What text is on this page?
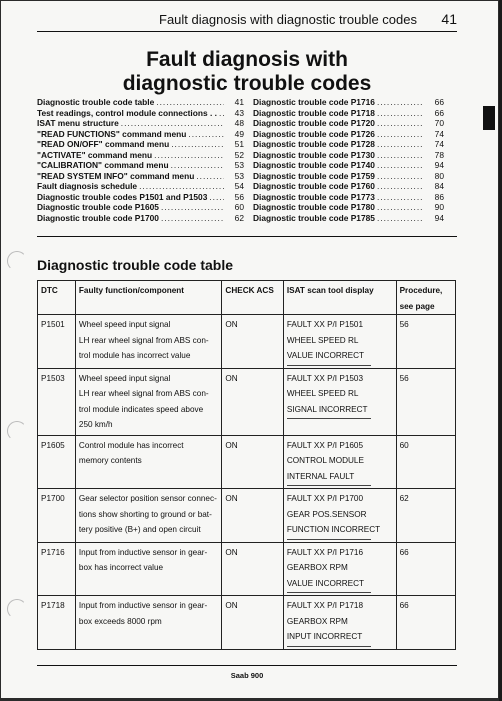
Fault diagnosis with diagnostic trouble codes 41
Fault diagnosis with
diagnostic trouble codes
Diagnostic trouble code table .....	41
Test readings, control module connections . . .....	43
ISAT menu structure .....	48
"READ FUNCTIONS" command menu .....	49
"READ ON/OFF" command menu .....	51
"ACTIVATE" command menu .....	52
"CALIBRATION" command menu .....	53
"READ SYSTEM INFO" command menu .....	53
Fault diagnosis schedule .....	54
Diagnostic trouble codes P1501 and P1503 .....	56
Diagnostic trouble code P1605 .....	60
Diagnostic trouble code P1700 .....	62
Diagnostic trouble code P1716 .....	66
Diagnostic trouble code P1718 .....	66
Diagnostic trouble code P1720 .....	70
Diagnostic trouble code P1726 .....	74
Diagnostic trouble code P1728 .....	74
Diagnostic trouble code P1730 .....	78
Diagnostic trouble code P1740 .....	94
Diagnostic trouble code P1759 .....	80
Diagnostic trouble code P1760 .....	84
Diagnostic trouble code P1773 .....	86
Diagnostic trouble code P1780 .....	90
Diagnostic trouble code P1785 .....	94
Diagnostic trouble code table
DTC	Faulty function/component	CHECK ACS	ISAT scan tool display	Procedure,
see page

P1501	Wheel speed input signal
LH rear wheel signal from ABS con-
trol module has incorrect value	ON	FAULT XX P/I P1501
WHEEL SPEED RL
VALUE INCORRECT	56
P1503	Wheel speed input signal
LH rear wheel signal from ABS con-
trol module indicates speed above
250 km/h	ON	FAULT XX P/I P1503
WHEEL SPEED RL
SIGNAL INCORRECT	56
P1605	Control module has incorrect
memory contents	ON	FAULT XX P/I P1605
CONTROL MODULE
INTERNAL FAULT	60
P1700	Gear selector position sensor connec-
tions show shorting to ground or bat-
tery positive (B+) and open circuit	ON	FAULT XX P/I P1700
GEAR POS.SENSOR
FUNCTION INCORRECT	62
P1716	Input from inductive sensor in gear-
box has incorrect value	ON	FAULT XX P/I P1716
GEARBOX RPM
VALUE INCORRECT	66
P1718	Input from inductive sensor in gear-
box exceeds 8000 rpm	ON	FAULT XX P/I P1718
GEARBOX RPM
INPUT INCORRECT	66
Saab 900
